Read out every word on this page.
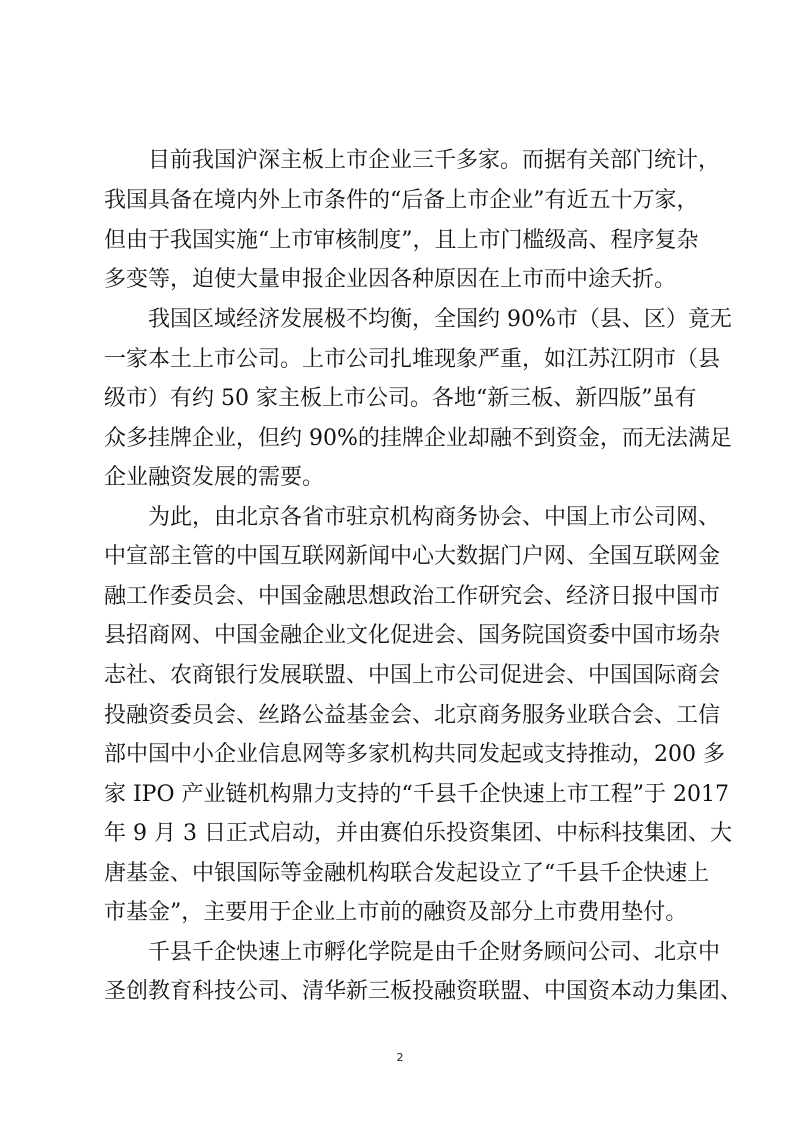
目前我国沪深主板上市企业三千多家。而据有关部门统计，
我国具备在境内外上市条件的“后备上市企业”有近五十万家，
但由于我国实施“上市审核制度”，且上市门槛级高、程序复杂
多变等，迫使大量申报企业因各种原因在上市而中途夭折。
我国区域经济发展极不均衡，全国约 90%市（县、区）竟无
一家本土上市公司。上市公司扎堆现象严重，如江苏江阴市（县
级市）有约 50 家主板上市公司。各地“新三板、新四版”虽有
众多挂牌企业，但约 90%的挂牌企业却融不到资金，而无法满足
企业融资发展的需要。
为此，由北京各省市驻京机构商务协会、中国上市公司网、
中宣部主管的中国互联网新闻中心大数据门户网、全国互联网金
融工作委员会、中国金融思想政治工作研究会、经济日报中国市
县招商网、中国金融企业文化促进会、国务院国资委中国市场杂
志社、农商银行发展联盟、中国上市公司促进会、中国国际商会
投融资委员会、丝路公益基金会、北京商务服务业联合会、工信
部中国中小企业信息网等多家机构共同发起或支持推动，200 多
家 IPO 产业链机构鼎力支持的“千县千企快速上市工程”于 2017
年 9 月 3 日正式启动，并由赛伯乐投资集团、中标科技集团、大
唐基金、中银国际等金融机构联合发起设立了“千县千企快速上
市基金”，主要用于企业上市前的融资及部分上市费用垫付。
千县千企快速上市孵化学院是由千企财务顾问公司、北京中
圣创教育科技公司、清华新三板投融资联盟、中国资本动力集团、
2
